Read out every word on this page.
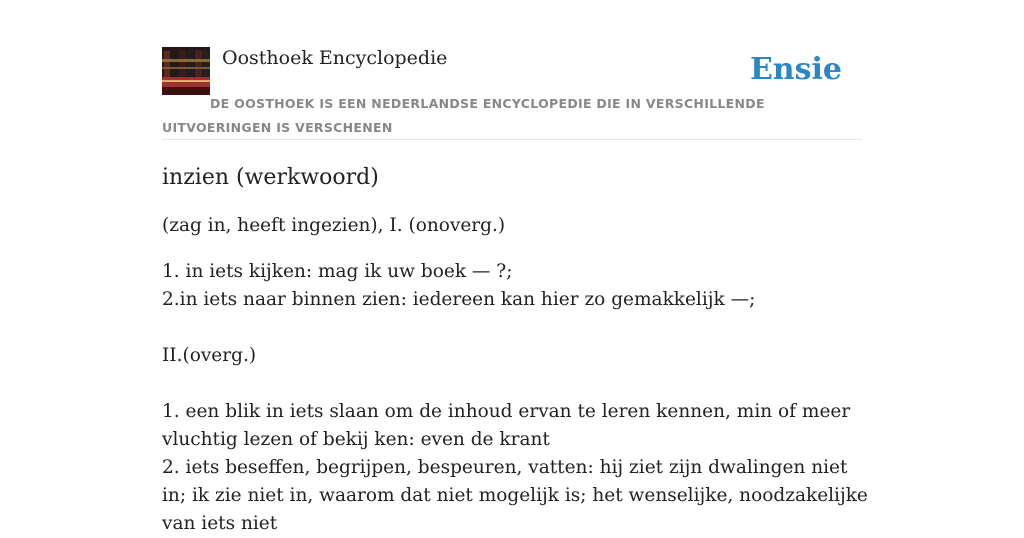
Oosthoek Encyclopedie	Ensie
DE OOSTHOEK IS EEN NEDERLANDSE ENCYCLOPEDIE DIE IN VERSCHILLENDE UITVOERINGEN IS VERSCHENEN
inzien (werkwoord)

(zag in, heeft ingezien), I. (onoverg.)

1. in iets kijken: mag ik uw boek — ?;
2.in iets naar binnen zien: iedereen kan hier zo gemakkelijk —;

II.(overg.)

1. een blik in iets slaan om de inhoud ervan te leren kennen, min of meer vluchtig lezen of bekij ken: even de krant
2. iets beseffen, begrijpen, bespeuren, vatten: hij ziet zijn dwalingen niet in; ik zie niet in, waarom dat niet mogelijk is; het wenselijke, noodzakelijke van iets niet
